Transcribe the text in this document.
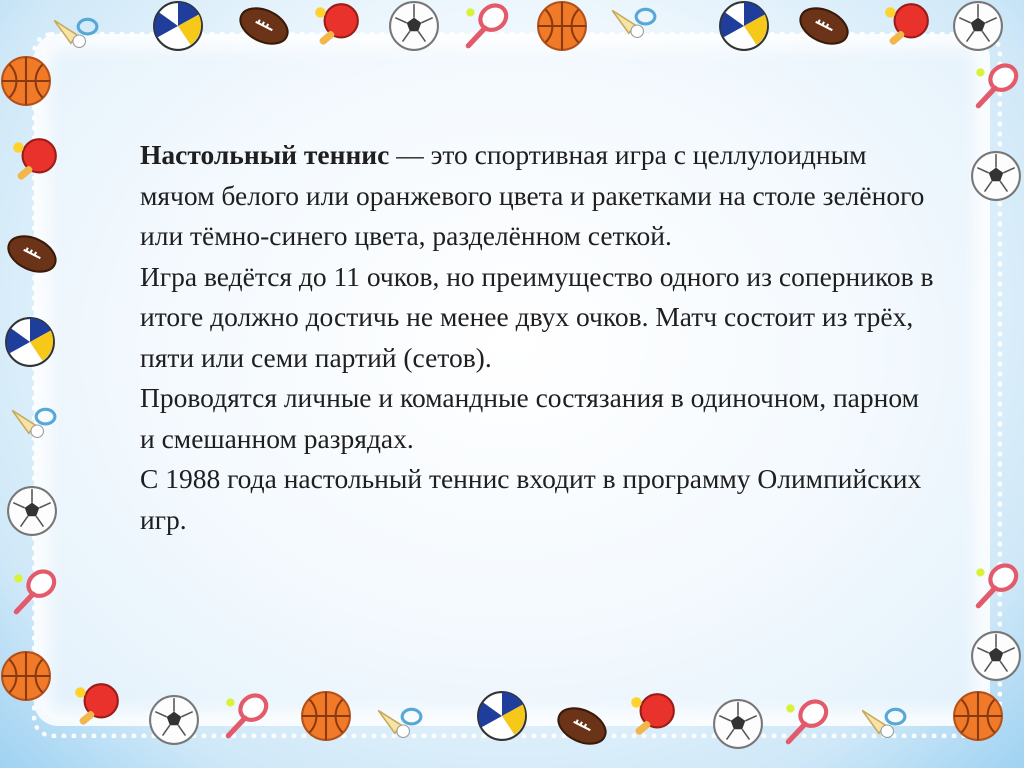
Настольный теннис — это спортивная игра с целлулоидным мячом белого или оранжевого цвета и ракетками на столе зелёного или тёмно-синего цвета, разделённом сеткой.

Игра ведётся до 11 очков, но преимущество одного из соперников в итоге должно достичь не менее двух очков. Матч состоит из трёх, пяти или семи партий (сетов).

Проводятся личные и командные состязания в одиночном, парном и смешанном разрядах.

С 1988 года настольный теннис входит в программу Олимпийских игр.
